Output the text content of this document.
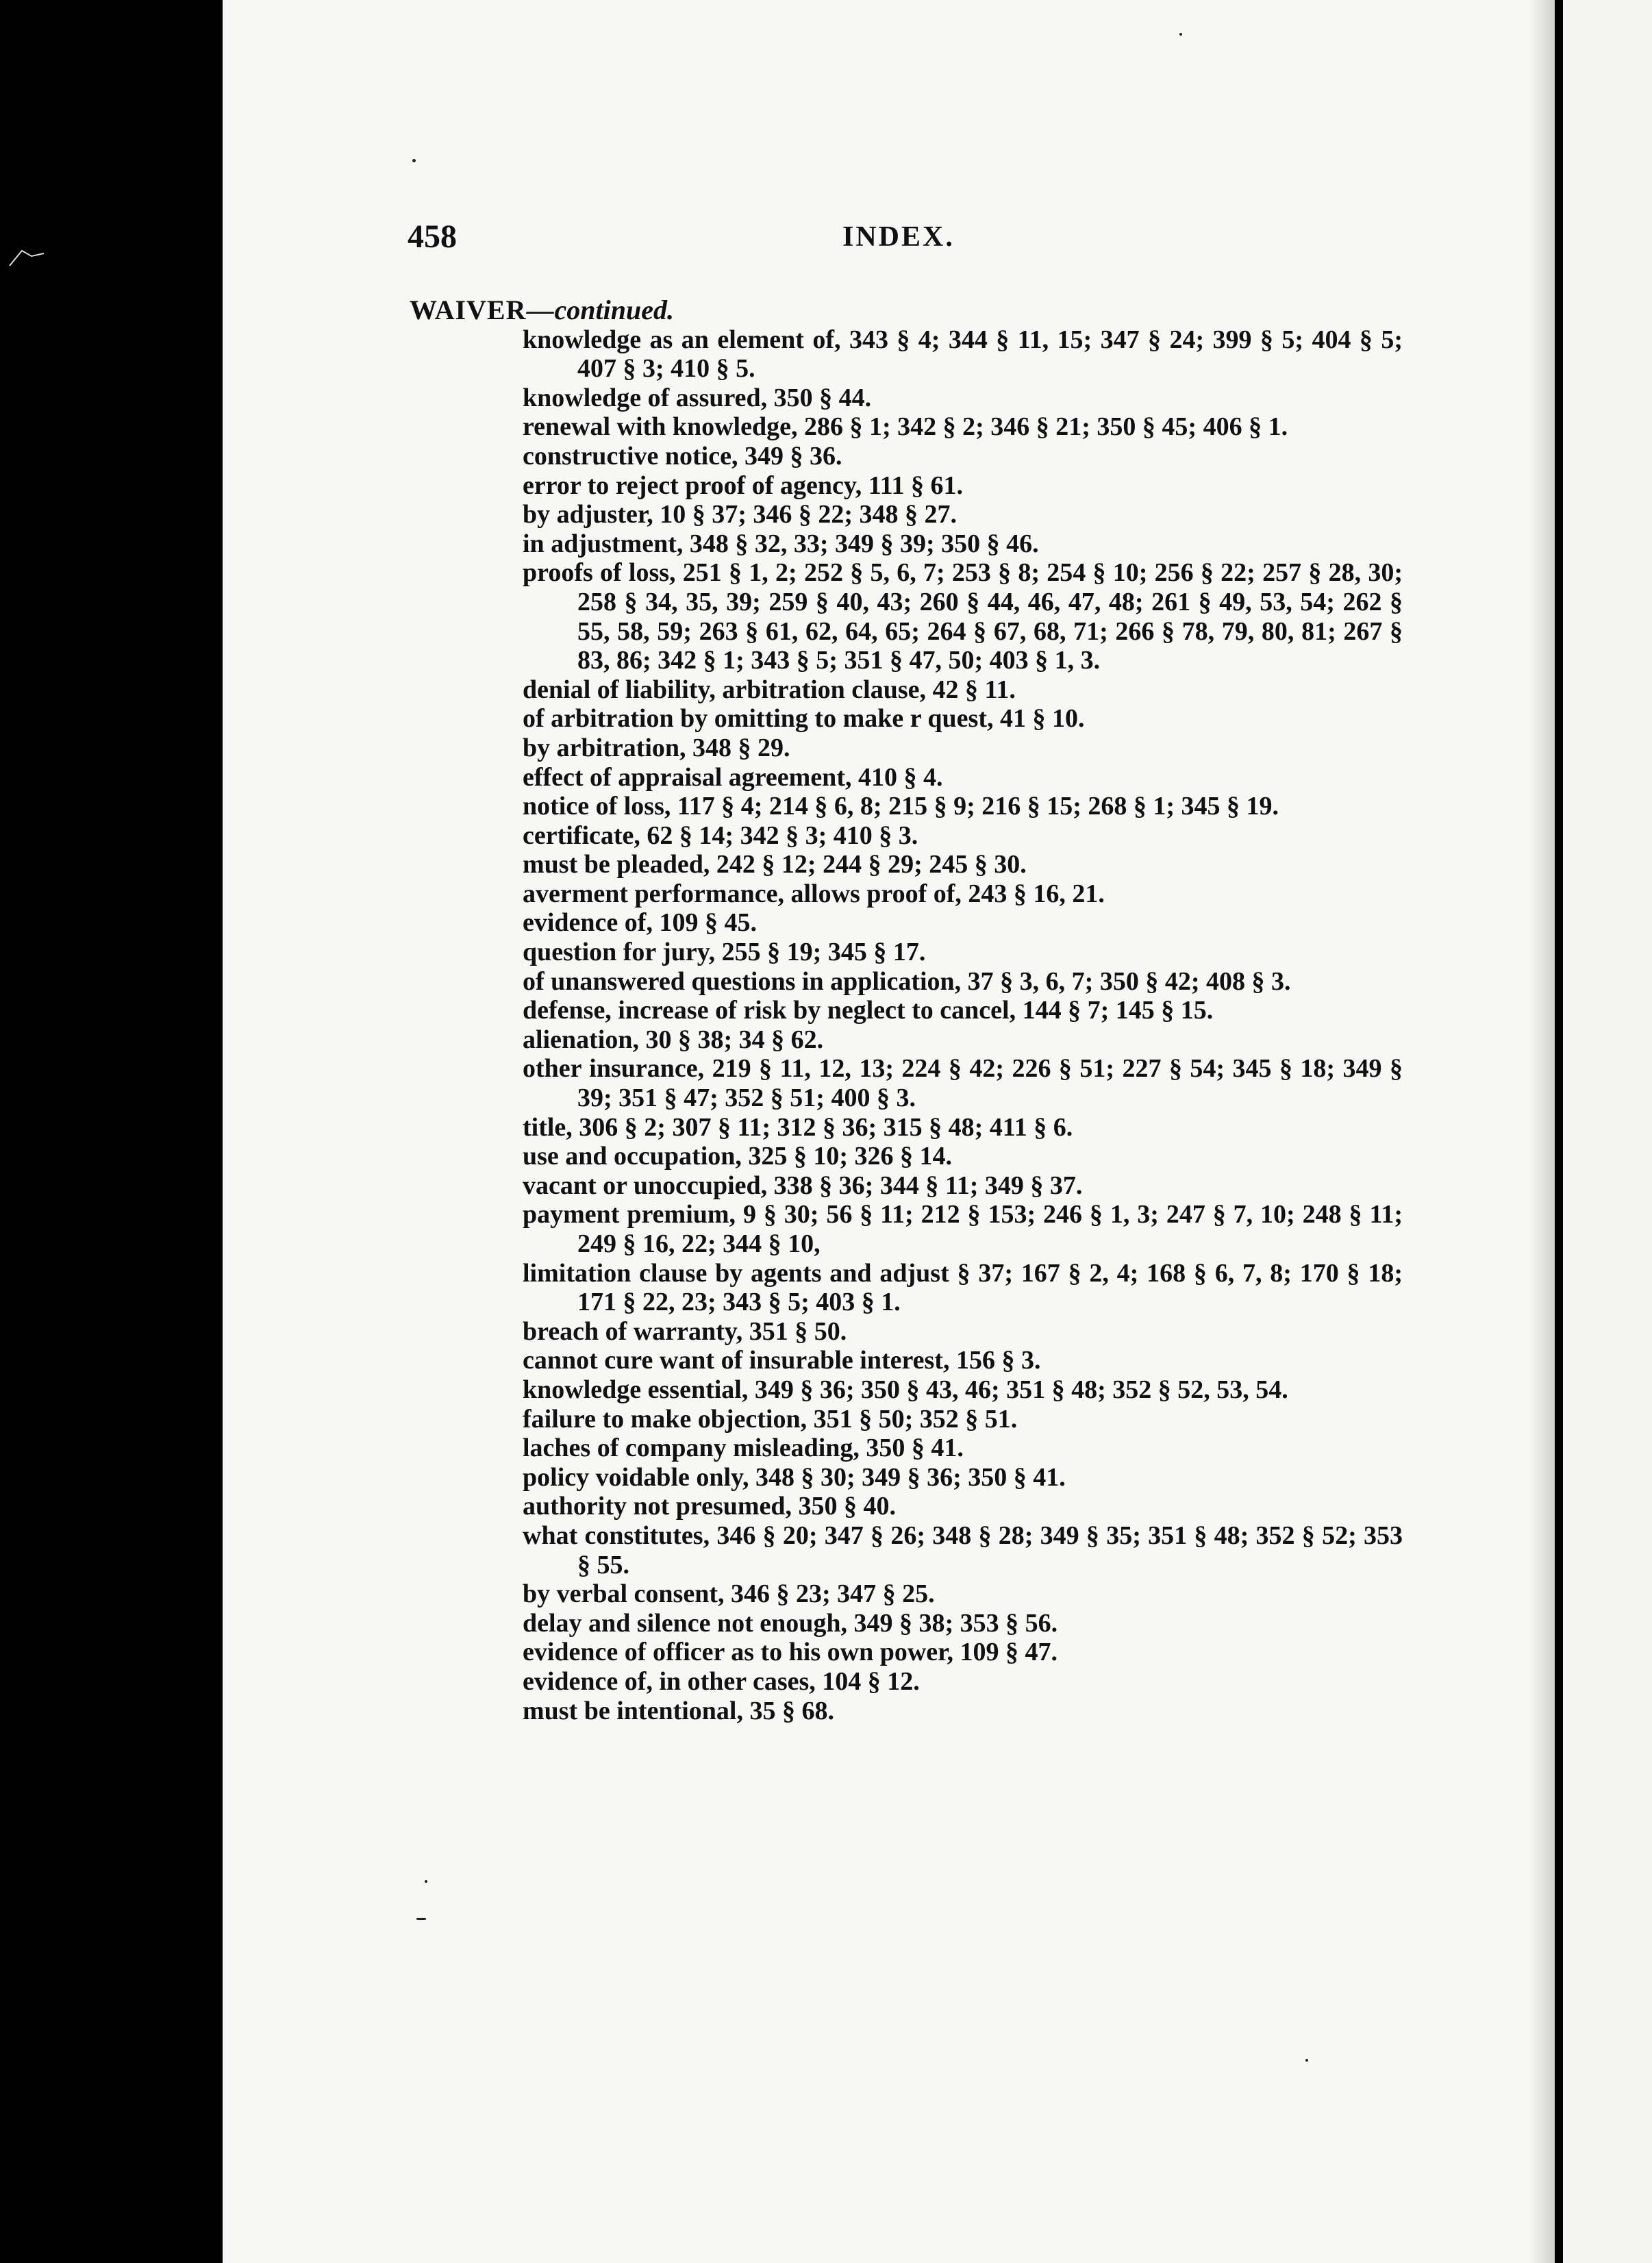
458	INDEX.
WAIVER—continued.
knowledge as an element of, 343 § 4; 344 § 11, 15; 347 § 24; 399 § 5; 404 § 5; 407 § 3; 410 § 5.
knowledge of assured, 350 § 44.
renewal with knowledge, 286 § 1; 342 § 2; 346 § 21; 350 § 45; 406 § 1.
constructive notice, 349 § 36.
error to reject proof of agency, 111 § 61.
by adjuster, 10 § 37; 346 § 22; 348 § 27.
in adjustment, 348 § 32, 33; 349 § 39; 350 § 46.
proofs of loss, 251 § 1, 2; 252 § 5, 6, 7; 253 § 8; 254 § 10; 256 § 22; 257 § 28, 30; 258 § 34, 35, 39; 259 § 40, 43; 260 § 44, 46, 47, 48; 261 § 49, 53, 54; 262 § 55, 58, 59; 263 § 61, 62, 64, 65; 264 § 67, 68, 71; 266 § 78, 79, 80, 81; 267 § 83, 86; 342 § 1; 343 § 5; 351 § 47, 50; 403 § 1, 3.
denial of liability, arbitration clause, 42 § 11.
of arbitration by omitting to make r quest, 41 § 10.
by arbitration, 348 § 29.
effect of appraisal agreement, 410 § 4.
notice of loss, 117 § 4; 214 § 6, 8; 215 § 9; 216 § 15; 268 § 1; 345 § 19.
certificate, 62 § 14; 342 § 3; 410 § 3.
must be pleaded, 242 § 12; 244 § 29; 245 § 30.
averment performance, allows proof of, 243 § 16, 21.
evidence of, 109 § 45.
question for jury, 255 § 19; 345 § 17.
of unanswered questions in application, 37 § 3, 6, 7; 350 § 42; 408 § 3.
defense, increase of risk by neglect to cancel, 144 § 7; 145 § 15.
alienation, 30 § 38; 34 § 62.
other insurance, 219 § 11, 12, 13; 224 § 42; 226 § 51; 227 § 54; 345 § 18; 349 § 39; 351 § 47; 352 § 51; 400 § 3.
title, 306 § 2; 307 § 11; 312 § 36; 315 § 48; 411 § 6.
use and occupation, 325 § 10; 326 § 14.
vacant or unoccupied, 338 § 36; 344 § 11; 349 § 37.
payment premium, 9 § 30; 56 § 11; 212 § 153; 246 § 1, 3; 247 § 7, 10; 248 § 11; 249 § 16, 22; 344 § 10,
limitation clause by agents and adjust § 37; 167 § 2, 4; 168 § 6, 7, 8; 170 § 18; 171 § 22, 23; 343 § 5; 403 § 1.
breach of warranty, 351 § 50.
cannot cure want of insurable interest, 156 § 3.
knowledge essential, 349 § 36; 350 § 43, 46; 351 § 48; 352 § 52, 53, 54.
failure to make objection, 351 § 50; 352 § 51.
laches of company misleading, 350 § 41.
policy voidable only, 348 § 30; 349 § 36; 350 § 41.
authority not presumed, 350 § 40.
what constitutes, 346 § 20; 347 § 26; 348 § 28; 349 § 35; 351 § 48; 352 § 52; 353 § 55.
by verbal consent, 346 § 23; 347 § 25.
delay and silence not enough, 349 § 38; 353 § 56.
evidence of officer as to his own power, 109 § 47.
evidence of, in other cases, 104 § 12.
must be intentional, 35 § 68.
